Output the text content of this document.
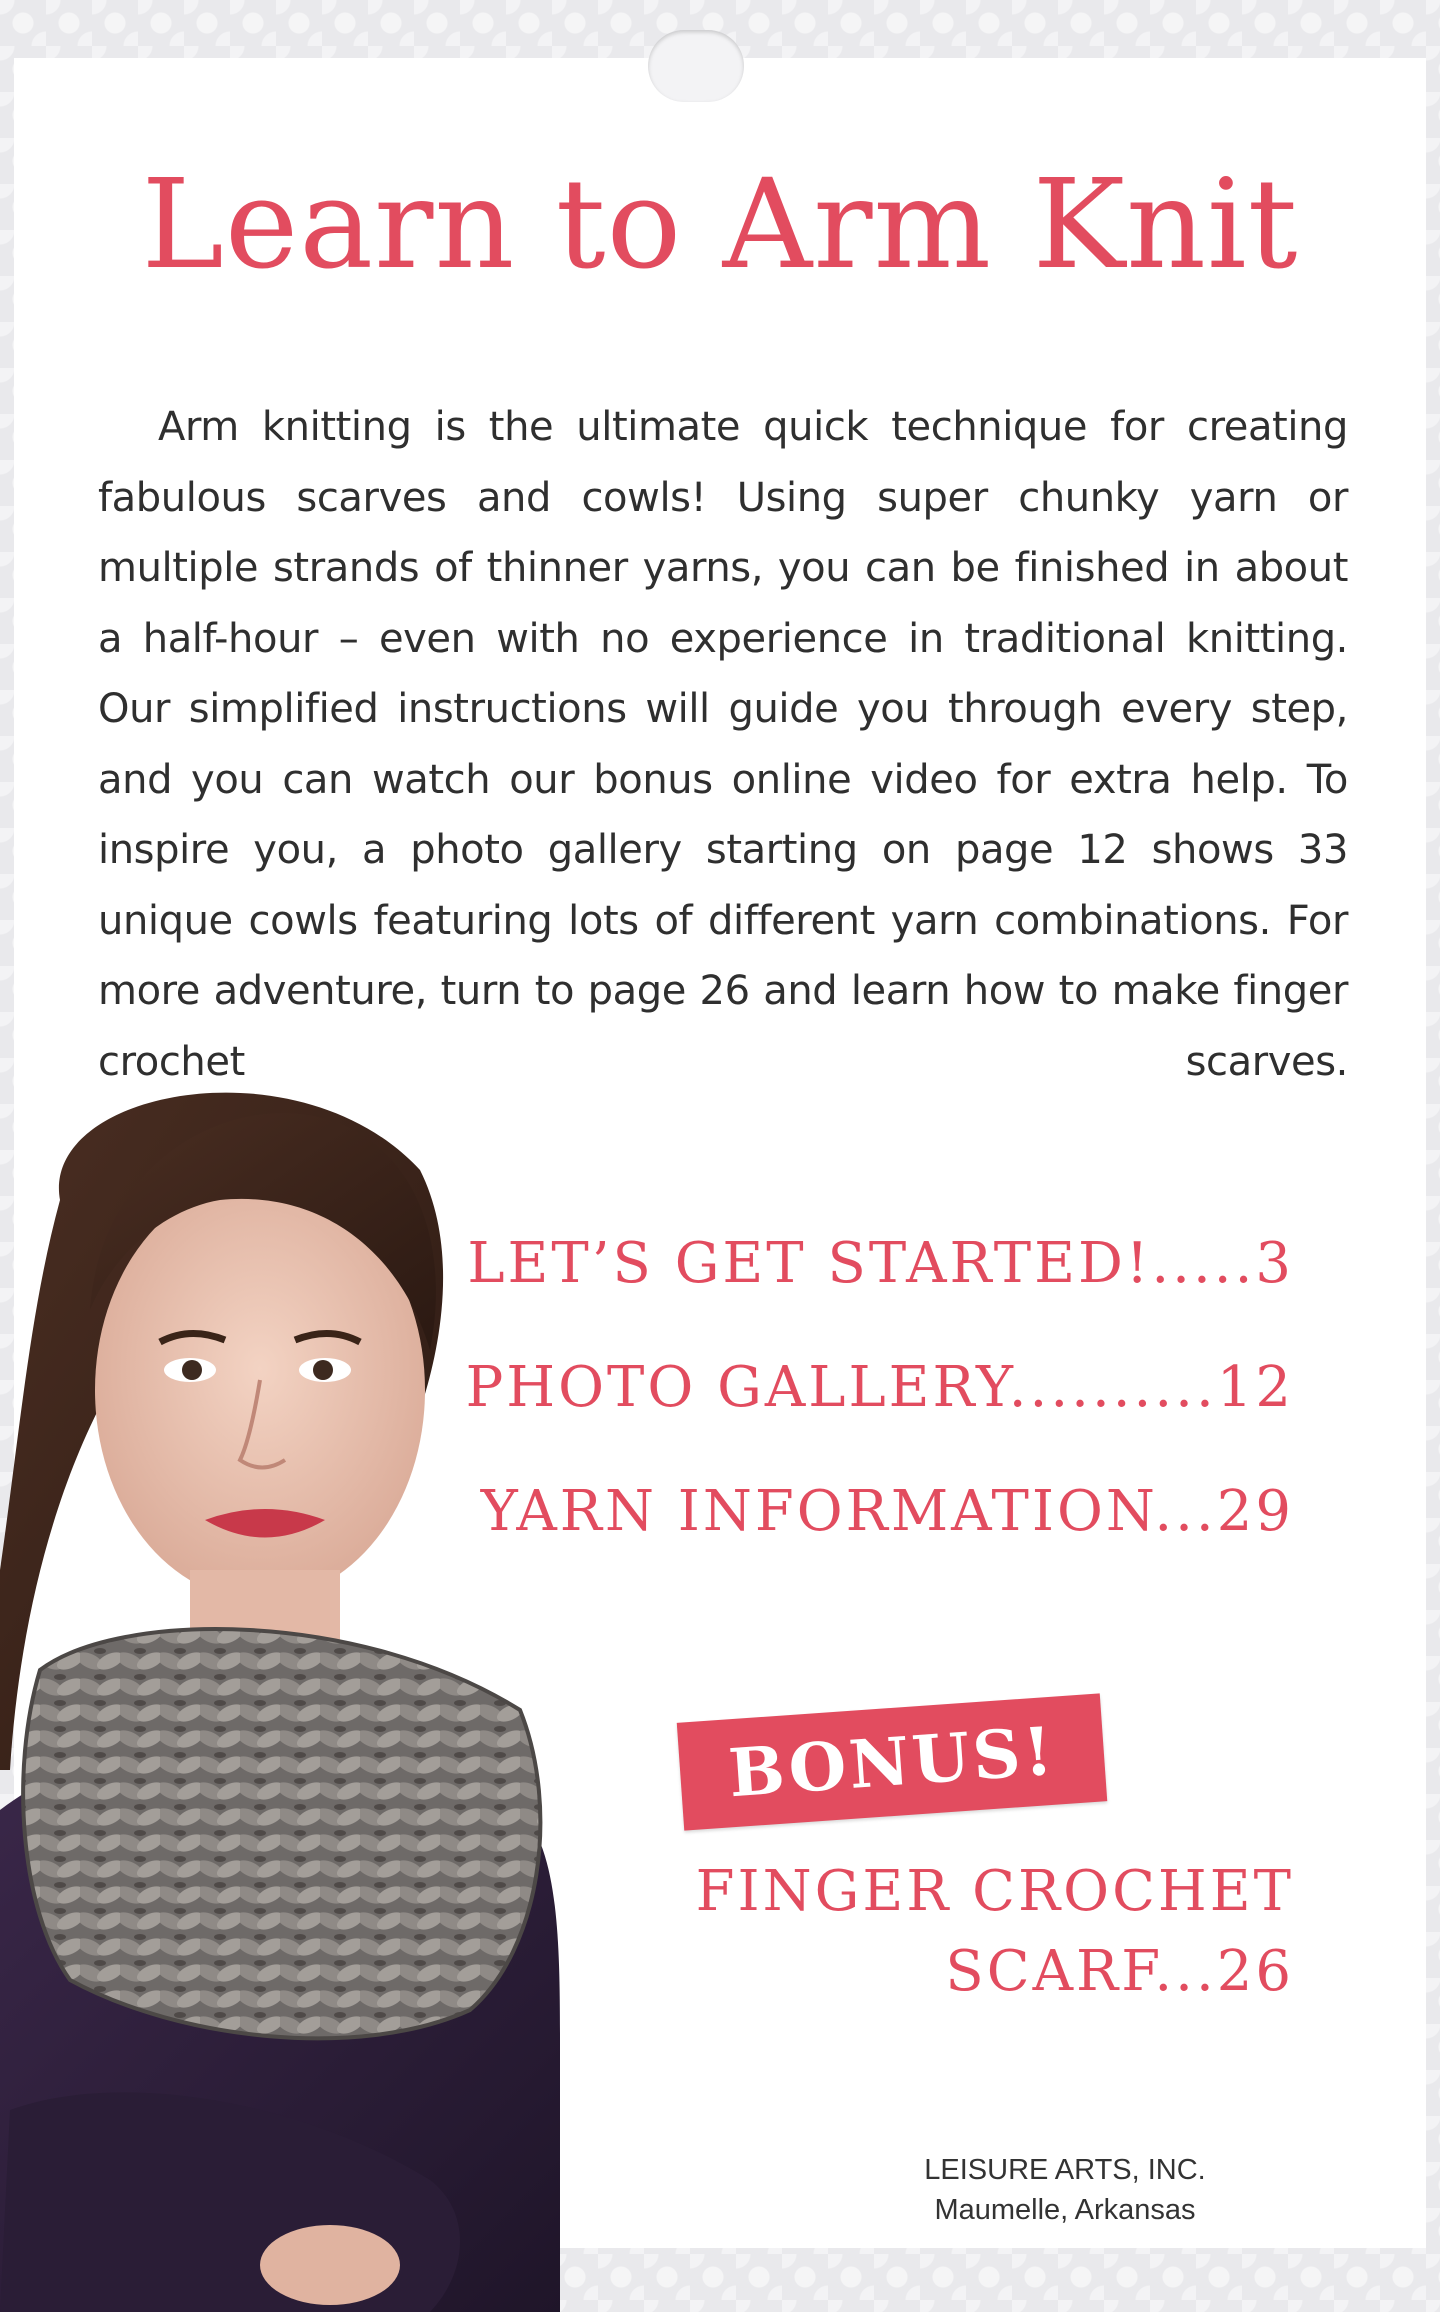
Learn to Arm Knit

Arm knitting is the ultimate quick technique for creating fabulous scarves and cowls! Using super chunky yarn or multiple strands of thinner yarns, you can be finished in about a half-hour – even with no experience in traditional knitting. Our simplified instructions will guide you through every step, and you can watch our bonus online video for extra help. To inspire you, a photo gallery starting on page 12 shows 33 unique cowls featuring lots of different yarn combinations. For more adventure, turn to page 26 and learn how to make finger crochet scarves.

LET’S GET STARTED!.....3
PHOTO GALLERY..........12
YARN INFORMATION...29
BONUS!
FINGER CROCHET
SCARF...26
LEISURE ARTS, INC.
Maumelle, Arkansas
